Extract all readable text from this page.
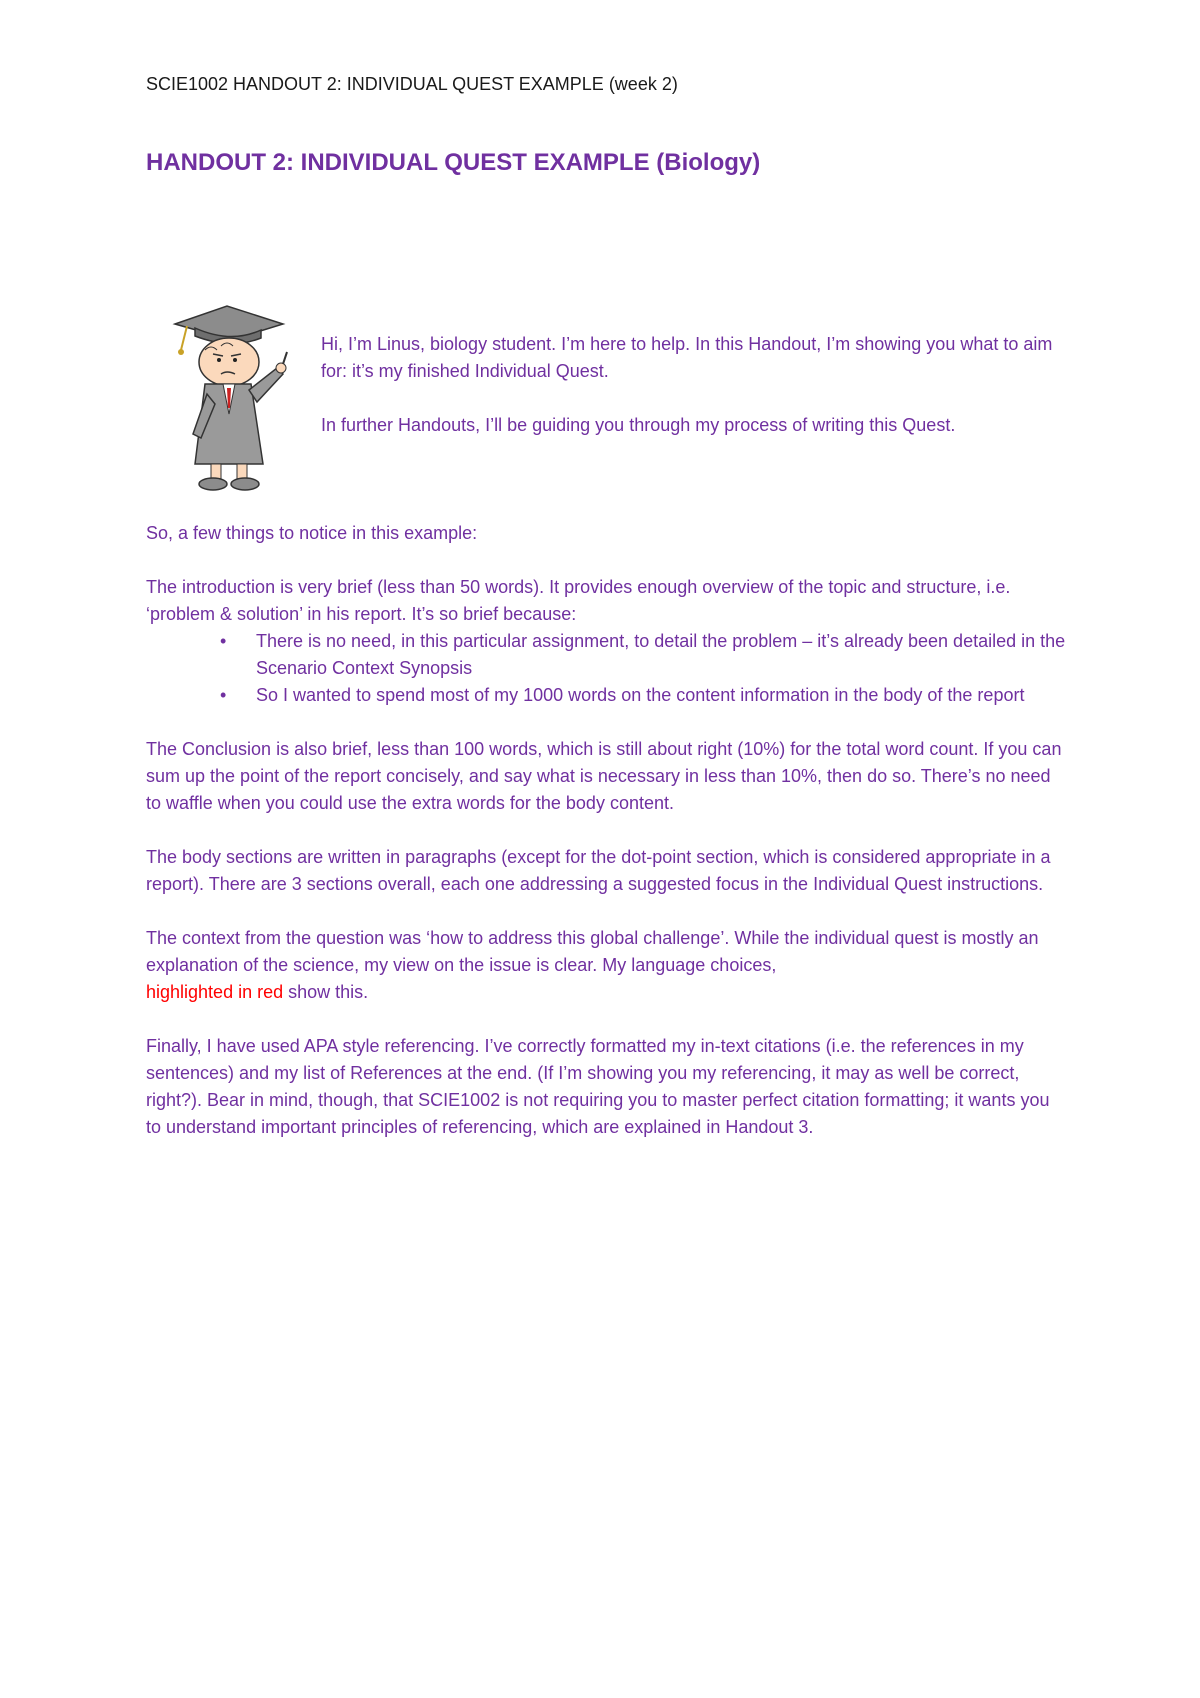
SCIE1002 HANDOUT 2: INDIVIDUAL QUEST EXAMPLE (week 2)
HANDOUT 2: INDIVIDUAL QUEST EXAMPLE (Biology)

Hi, I’m Linus, biology student. I’m here to help. In this Handout, I’m showing you what to aim for: it’s my finished Individual Quest.

In further Handouts, I’ll be guiding you through my process of writing this Quest.

So, a few things to notice in this example:

The introduction is very brief (less than 50 words). It provides enough overview of the topic and structure, i.e. ‘problem & solution’ in his report. It’s so brief because:

• There is no need, in this particular assignment, to detail the problem – it’s already been detailed in the Scenario Context Synopsis
• So I wanted to spend most of my 1000 words on the content information in the body of the report

The Conclusion is also brief, less than 100 words, which is still about right (10%) for the total word count. If you can sum up the point of the report concisely, and say what is necessary in less than 10%, then do so. There’s no need to waffle when you could use the extra words for the body content.

The body sections are written in paragraphs (except for the dot-point section, which is considered appropriate in a report). There are 3 sections overall, each one addressing a suggested focus in the Individual Quest instructions.

The context from the question was ‘how to address this global challenge’. While the individual quest is mostly an explanation of the science, my view on the issue is clear. My language choices,
highlighted in red show this.

Finally, I have used APA style referencing. I’ve correctly formatted my in-text citations (i.e. the references in my sentences) and my list of References at the end. (If I’m showing you my referencing, it may as well be correct, right?). Bear in mind, though, that SCIE1002 is not requiring you to master perfect citation formatting; it wants you to understand important principles of referencing, which are explained in Handout 3.
